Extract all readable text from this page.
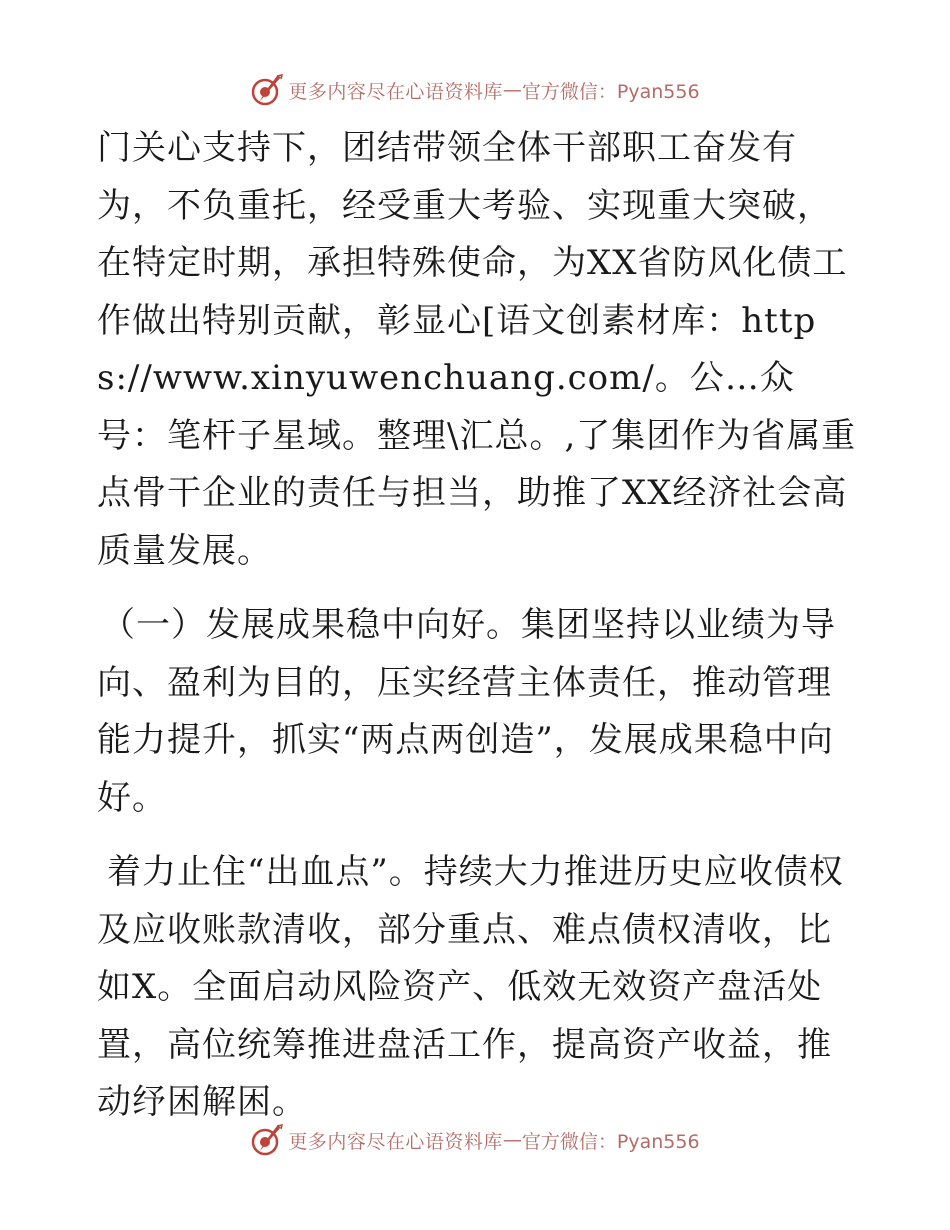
更多内容尽在心语资料库 — 官方微信：Pyan556

门关心支持下，团结带领全体干部职工奋发有为，不负重托，经受重大考验、实现重大突破，在特定时期，承担特殊使命，为XX省防风化债工作做出特别贡献，彰显心[语文创素材库：https://www.xinyuwenchuang.com/。公…众号：笔杆子星域。整理\汇总。,了集团作为省属重点骨干企业的责任与担当，助推了XX经济社会高质量发展。

（一）发展成果稳中向好。集团坚持以业绩为导向、盈利为目的，压实经营主体责任，推动管理能力提升，抓实“两点两创造”，发展成果稳中向好。

着力止住“出血点”。持续大力推进历史应收债权及应收账款清收，部分重点、难点债权清收，比如X。全面启动风险资产、低效无效资产盘活处置，高位统筹推进盘活工作，提高资产收益，推动纾困解困。

更多内容尽在心语资料库 — 官方微信：Pyan556
